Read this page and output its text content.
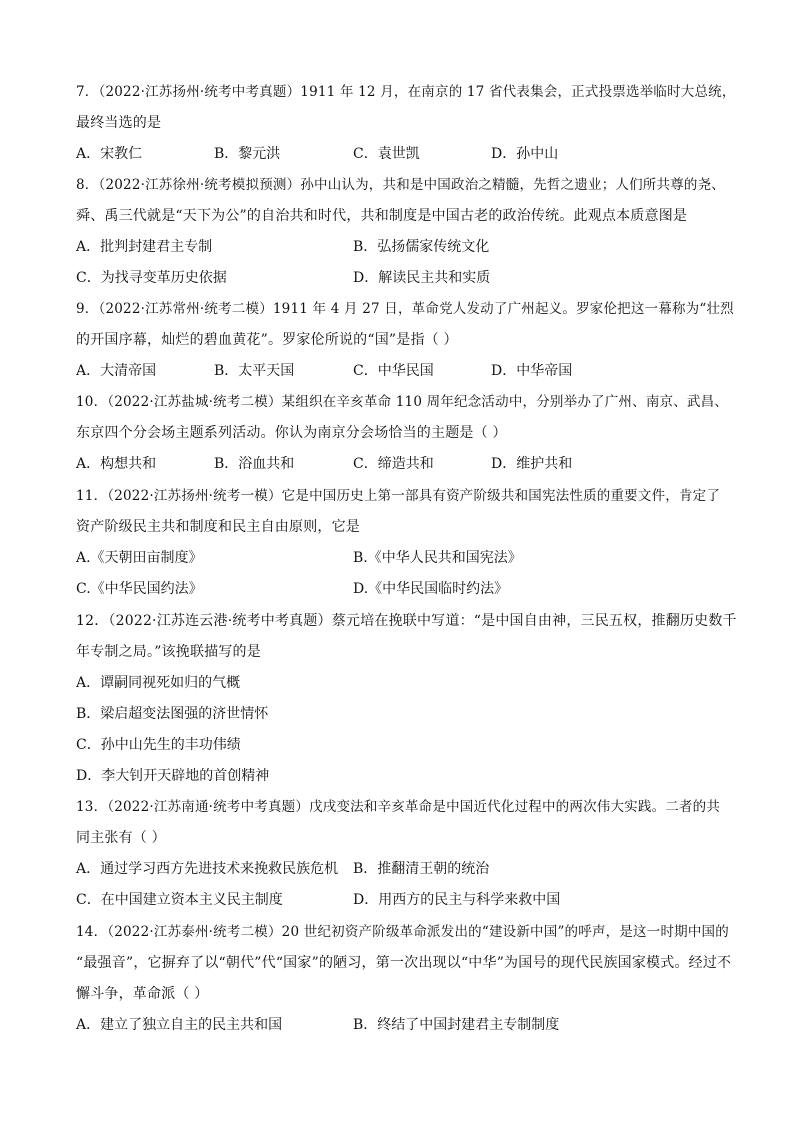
7．（2022·江苏扬州·统考中考真题）1911 年 12 月，在南京的 17 省代表集会，正式投票选举临时大总统，
最终当选的是
A．宋教仁	B．黎元洪	C．袁世凯	D．孙中山
8．（2022·江苏徐州·统考模拟预测）孙中山认为，共和是中国政治之精髓，先哲之遗业；人们所共尊的尧、
舜、禹三代就是“天下为公”的自治共和时代，共和制度是中国古老的政治传统。此观点本质意图是
A．批判封建君主专制	B．弘扬儒家传统文化
C．为找寻变革历史依据	D．解读民主共和实质
9．（2022·江苏常州·统考二模）1911 年 4 月 27 日，革命党人发动了广州起义。罗家伦把这一幕称为“壮烈
的开国序幕，灿烂的碧血黄花”。罗家伦所说的“国”是指（ ）
A．大清帝国	B．太平天国	C．中华民国	D．中华帝国
10．（2022·江苏盐城·统考二模）某组织在辛亥革命 110 周年纪念活动中，分别举办了广州、南京、武昌、
东京四个分会场主题系列活动。你认为南京分会场恰当的主题是（ ）
A．构想共和	B．浴血共和	C．缔造共和	D．维护共和
11．（2022·江苏扬州·统考一模）它是中国历史上第一部具有资产阶级共和国宪法性质的重要文件，肯定了
资产阶级民主共和制度和民主自由原则，它是
A.《天朝田亩制度》	B.《中华人民共和国宪法》
C.《中华民国约法》	D.《中华民国临时约法》
12．（2022·江苏连云港·统考中考真题）蔡元培在挽联中写道：“是中国自由神，三民五权，推翻历史数千
年专制之局。”该挽联描写的是
A．谭嗣同视死如归的气概
B．梁启超变法图强的济世情怀
C．孙中山先生的丰功伟绩
D．李大钊开天辟地的首创精神
13．（2022·江苏南通·统考中考真题）戊戌变法和辛亥革命是中国近代化过程中的两次伟大实践。二者的共
同主张有（ ）
A．通过学习西方先进技术来挽救民族危机 B．推翻清王朝的统治
C．在中国建立资本主义民主制度	D．用西方的民主与科学来救中国
14．（2022·江苏泰州·统考二模）20 世纪初资产阶级革命派发出的“建设新中国”的呼声，是这一时期中国的
“最强音”，它摒弃了以“朝代”代“国家”的陋习，第一次出现以“中华”为国号的现代民族国家模式。经过不
懈斗争，革命派（ ）
A．建立了独立自主的民主共和国	B．终结了中国封建君主专制制度
